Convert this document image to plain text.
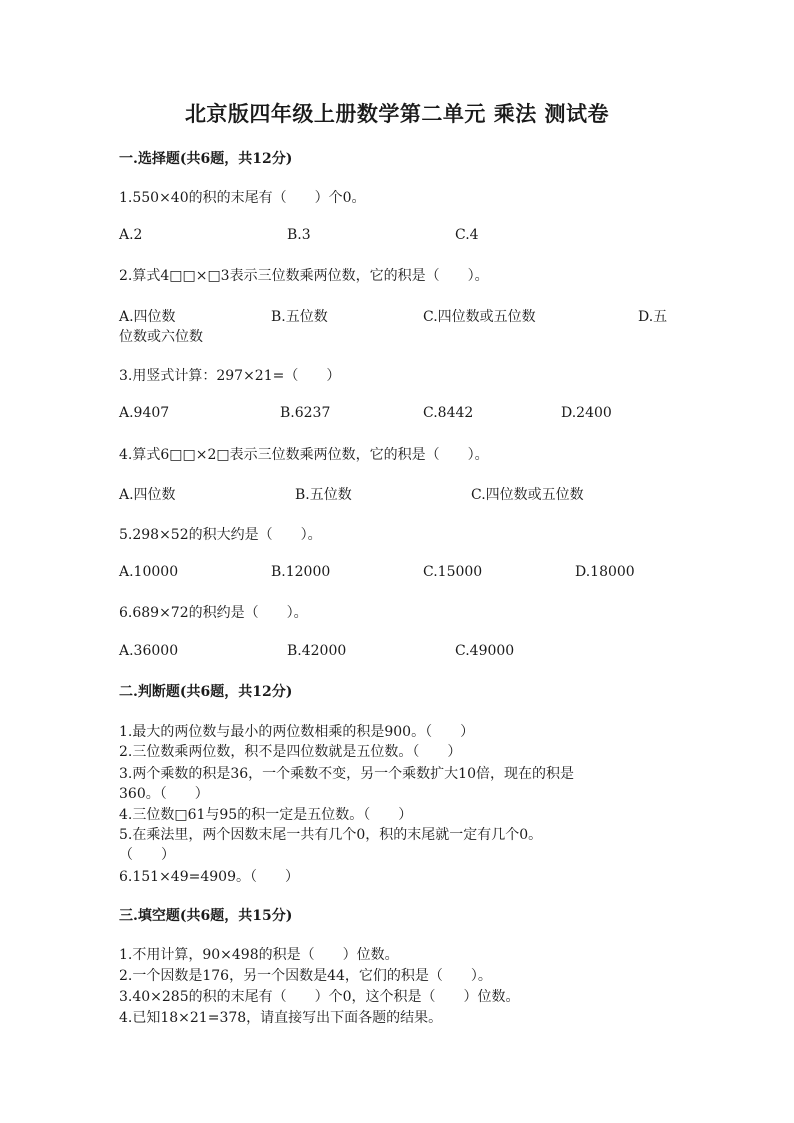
北京版四年级上册数学第二单元 乘法 测试卷
一.选择题(共6题，共12分)
1.550×40的积的末尾有（　　）个0。
A.2	B.3	C.4
2.算式4□□×□3表示三位数乘两位数，它的积是（　　）。
A.四位数	B.五位数	C.四位数或五位数	D.五
位数或六位数
3.用竖式计算：297×21=（　　）
A.9407	B.6237	C.8442	D.2400
4.算式6□□×2□表示三位数乘两位数，它的积是（　　）。
A.四位数	B.五位数	C.四位数或五位数
5.298×52的积大约是（　　）。
A.10000	B.12000	C.15000	D.18000
6.689×72的积约是（　　）。
A.36000	B.42000	C.49000
二.判断题(共6题，共12分)
1.最大的两位数与最小的两位数相乘的积是900。（　　）
2.三位数乘两位数，积不是四位数就是五位数。（　　）
3.两个乘数的积是36，一个乘数不变，另一个乘数扩大10倍，现在的积是
360。（　　）
4.三位数□61与95的积一定是五位数。（　　）
5.在乘法里，两个因数末尾一共有几个0，积的末尾就一定有几个0。
（　　）
6.151×49=4909。（　　）
三.填空题(共6题，共15分)
1.不用计算，90×498的积是（　　）位数。
2.一个因数是176，另一个因数是44，它们的积是（　　）。
3.40×285的积的末尾有（　　）个0，这个积是（　　）位数。
4.已知18×21=378，请直接写出下面各题的结果。
